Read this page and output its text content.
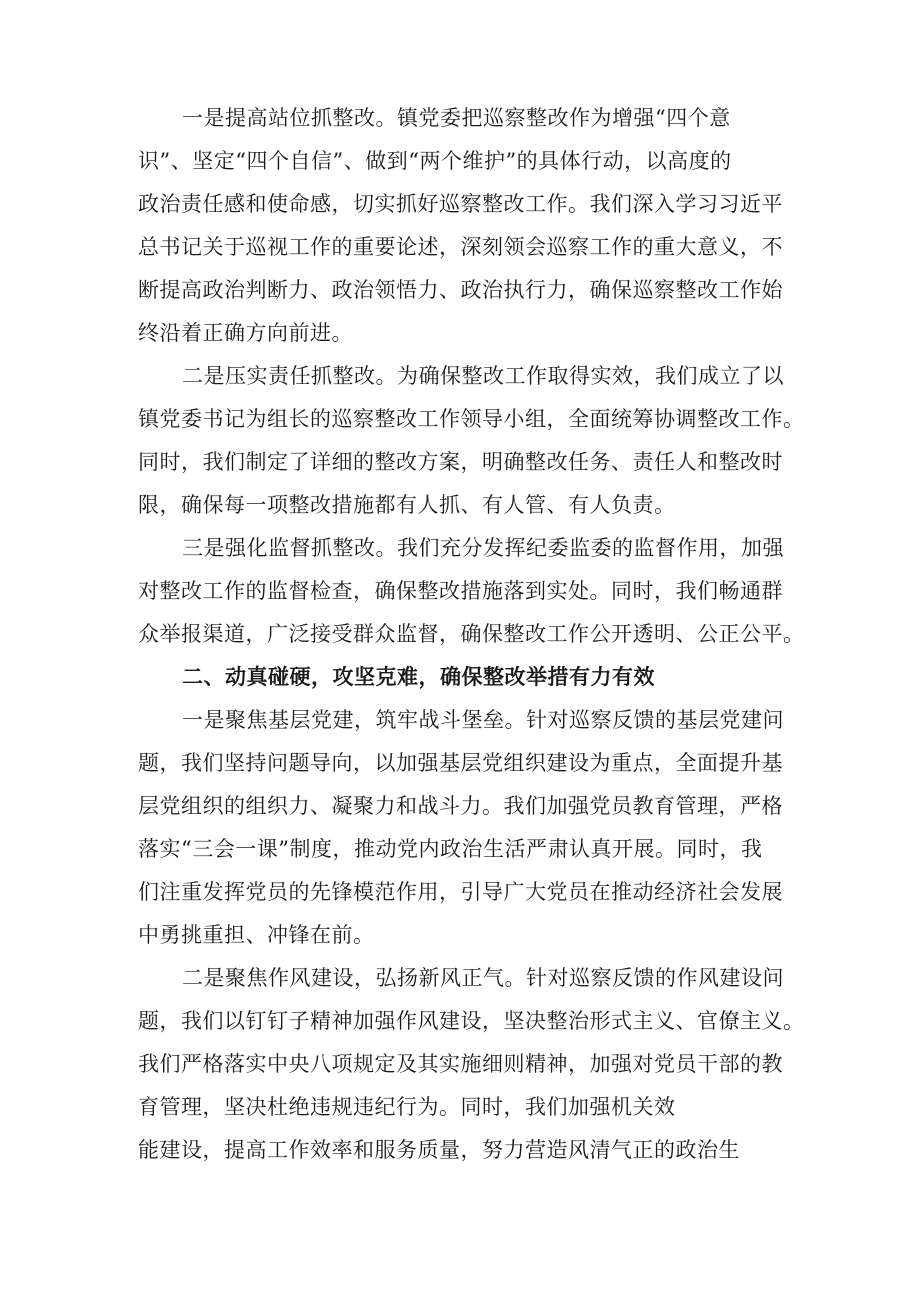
一是提高站位抓整改。镇党委把巡察整改作为增强“四个意
识”、坚定“四个自信”、做到“两个维护”的具体行动，以高度的
政治责任感和使命感，切实抓好巡察整改工作。我们深入学习习近平
总书记关于巡视工作的重要论述，深刻领会巡察工作的重大意义，不
断提高政治判断力、政治领悟力、政治执行力，确保巡察整改工作始
终沿着正确方向前进。
二是压实责任抓整改。为确保整改工作取得实效，我们成立了以
镇党委书记为组长的巡察整改工作领导小组，全面统筹协调整改工作。
同时，我们制定了详细的整改方案，明确整改任务、责任人和整改时
限，确保每一项整改措施都有人抓、有人管、有人负责。
三是强化监督抓整改。我们充分发挥纪委监委的监督作用，加强
对整改工作的监督检查，确保整改措施落到实处。同时，我们畅通群
众举报渠道，广泛接受群众监督，确保整改工作公开透明、公正公平。
二、动真碰硬，攻坚克难，确保整改举措有力有效
一是聚焦基层党建，筑牢战斗堡垒。针对巡察反馈的基层党建问
题，我们坚持问题导向，以加强基层党组织建设为重点，全面提升基
层党组织的组织力、凝聚力和战斗力。我们加强党员教育管理，严格
落实“三会一课”制度，推动党内政治生活严肃认真开展。同时，我
们注重发挥党员的先锋模范作用，引导广大党员在推动经济社会发展
中勇挑重担、冲锋在前。
二是聚焦作风建设，弘扬新风正气。针对巡察反馈的作风建设问
题，我们以钉钉子精神加强作风建设，坚决整治形式主义、官僚主义。
我们严格落实中央八项规定及其实施细则精神，加强对党员干部的教
育管理，坚决杜绝违规违纪行为。同时，我们加强机关效
能建设，提高工作效率和服务质量，努力营造风清气正的政治生
